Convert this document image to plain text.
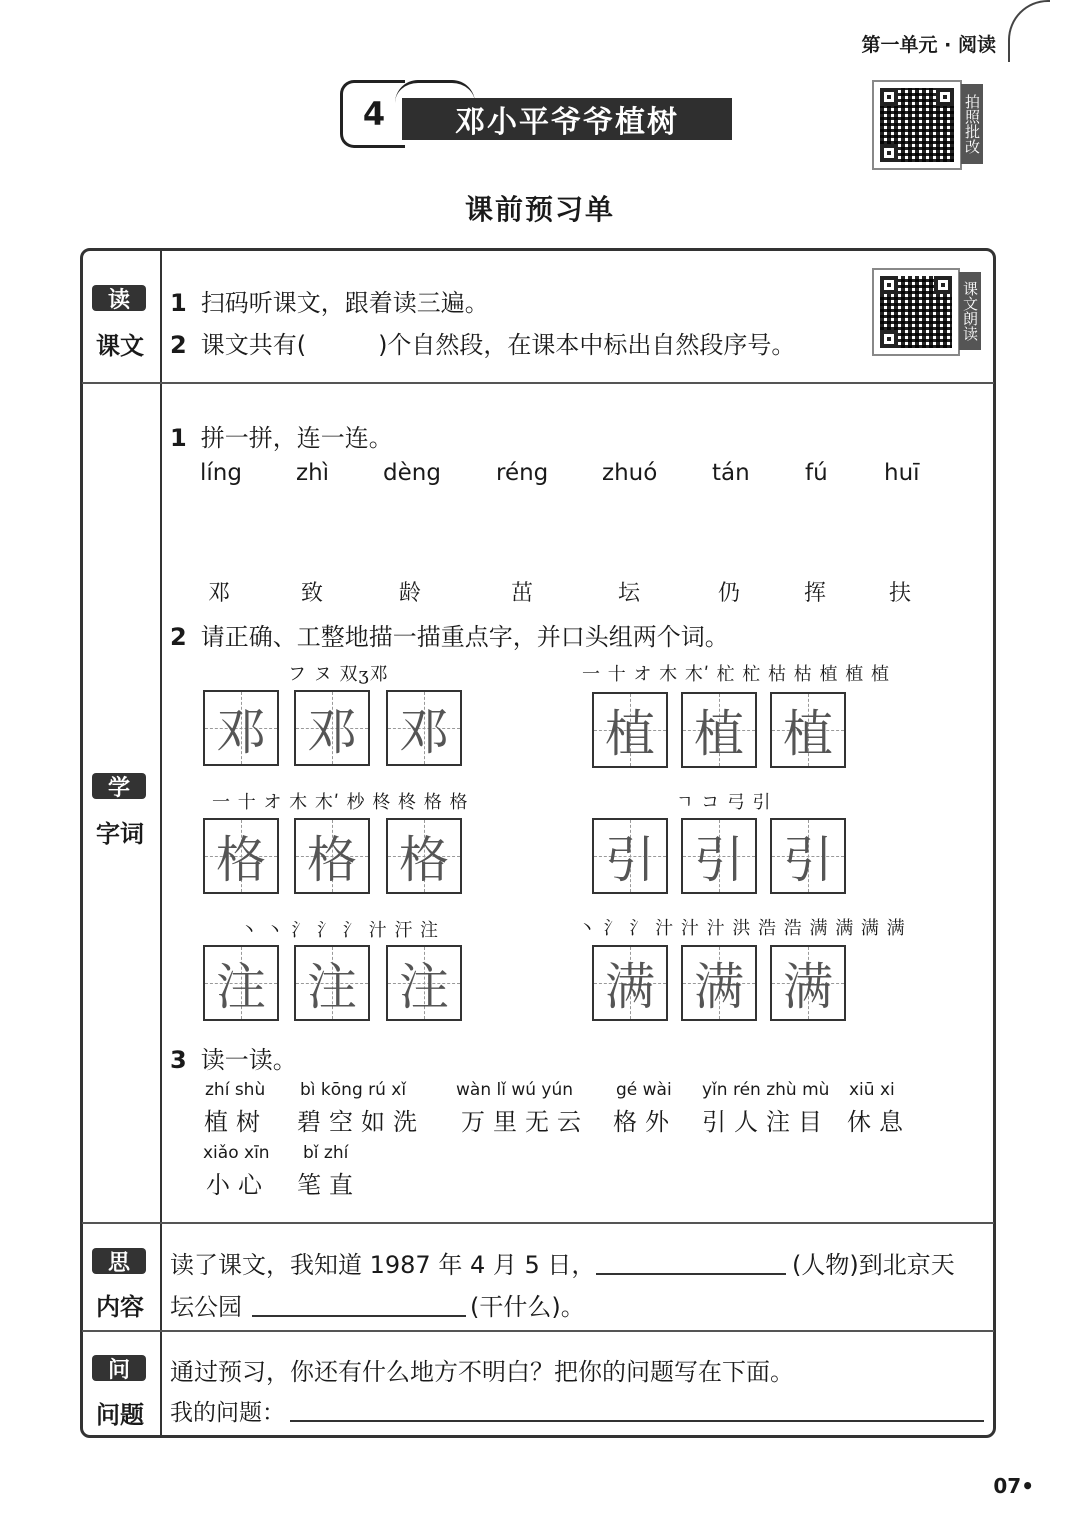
第一单元 · 阅读
4	邓小平爷爷植树	拍照批改
课前预习单
读
课文
1 扫码听课文，跟着读三遍。
2 课文共有(　　　)个自然段，在课本中标出自然段序号。
课文朗读
学
字词
1 拼一拼，连一连。
líng zhì dèng réng zhuó tán fú huī
邓	致	龄	茁	坛	仍	挥	扶
2 请正确、工整地描一描重点字，并口头组两个词。
フ ヌ 双ʒ邓
邓 邓 邓
一 十 オ 木 木ʹ 杪 柊 柊 格 格
格 格 格
丶 丶 氵 氵 氵 汁 汗 注
注 注 注
一 十 オ 木 木ʹ 杧 杧 枯 枯 植 植 植
植 植 植
ㄱ コ 弓 引
引 引 引
丶 氵 氵 汁 汁 汁 洪 浩 浩 满 满 满 满
满 满 满
3 读一读。
zhí shù
植树
bì kōng rú xǐ
碧空如洗
wàn lǐ wú yún
万里无云
gé wài
格外
yǐn rén zhù mù
引人注目
xiū xi
休息
xiǎo xīn
小心
bǐ zhí
笔直
思
内容
读了课文，我知道 1987 年 4 月 5 日，	(人物)到北京天
坛公园	(干什么)。
问
问题
通过预习，你还有什么地方不明白？把你的问题写在下面。
我的问题：
07•
